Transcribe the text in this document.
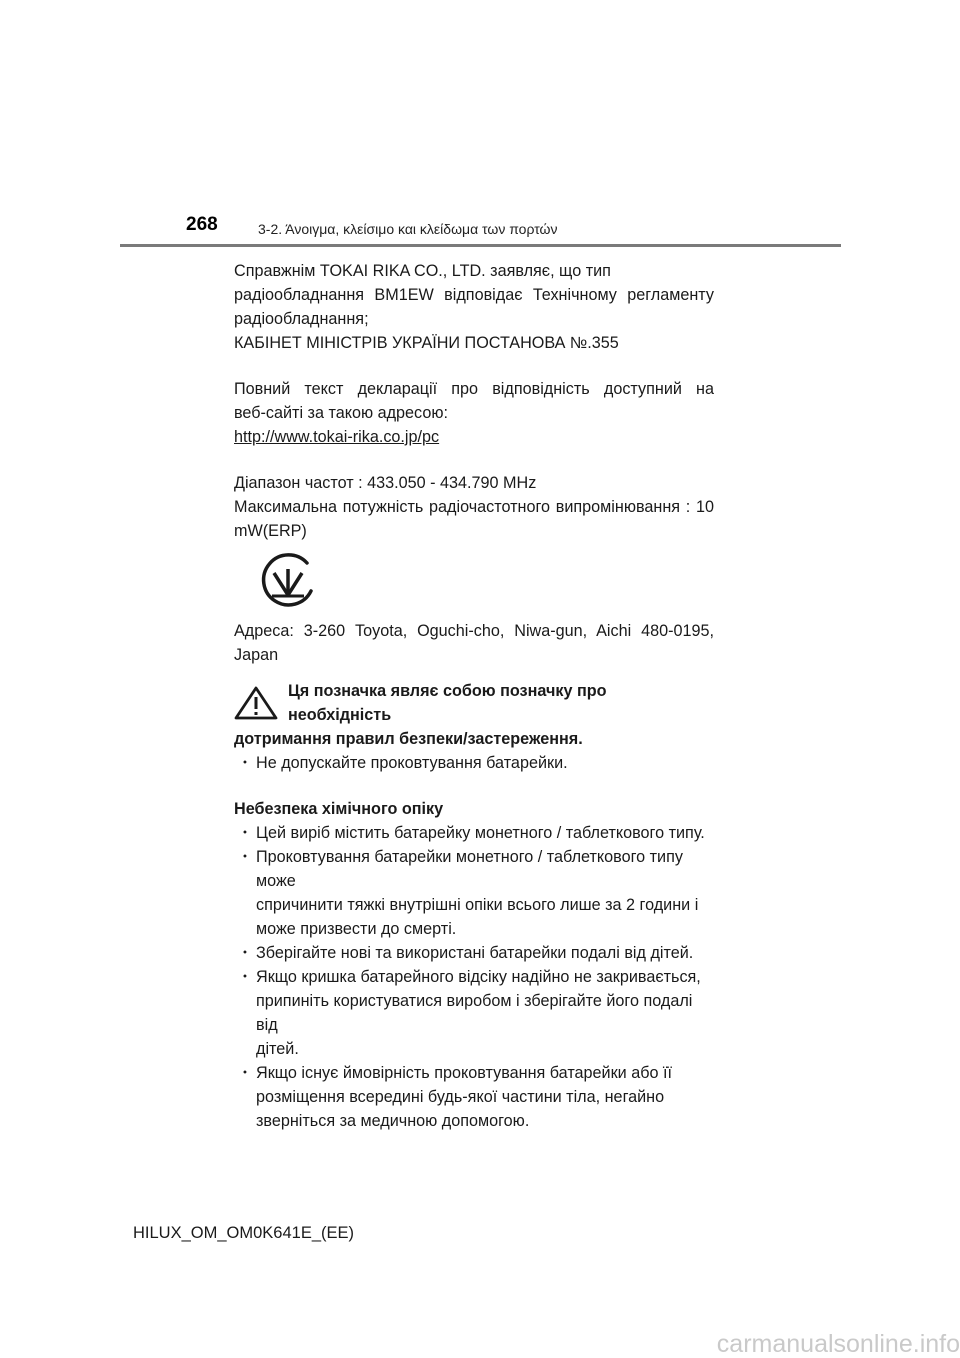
268	3-2. Άνοιγμα, κλείσιμο και κλείδωμα των πορτών

Справжнім TOKAI RIKA CO., LTD. заявляє, що тип

радіообладнання BM1EW відповідає Технічному регламенту

радіообладнання;

КАБІНЕТ МІНІСТРІВ УКРАЇНИ ПОСТАНОВА №.355

Повний текст декларації про відповідність доступний на

веб-сайті за такою адресою:

http://www.tokai-rika.co.jp/pc

Діапазон частот : 433.050 - 434.790 MHz

Максимальна потужність радіочастотного випромінювання : 10

mW(ERP)

Адреса: 3-260 Toyota, Oguchi-cho, Niwa-gun, Aichi 480-0195,

Japan

Ця позначка являє собою позначку про необхідність

дотримання правил безпеки/застереження.

・ Не допускайте проковтування батарейки.

Небезпека хімічного опіку

・ Цей виріб містить батарейку монетного / таблеткового типу.

・ Проковтування батарейки монетного / таблеткового типу може
спричинити тяжкі внутрішні опіки всього лише за 2 години і
може призвести до смерті.

・ Зберігайте нові та використані батарейки подалі від дітей.

・ Якщо кришка батарейного відсіку надійно не закривається,
припиніть користуватися виробом і зберігайте його подалі від
дітей.

・ Якщо існує ймовірність проковтування батарейки або її
розміщення всередині будь-якої частини тіла, негайно
зверніться за медичною допомогою.

HILUX_OM_OM0K641E_(EE)
carmanualsonline.info
